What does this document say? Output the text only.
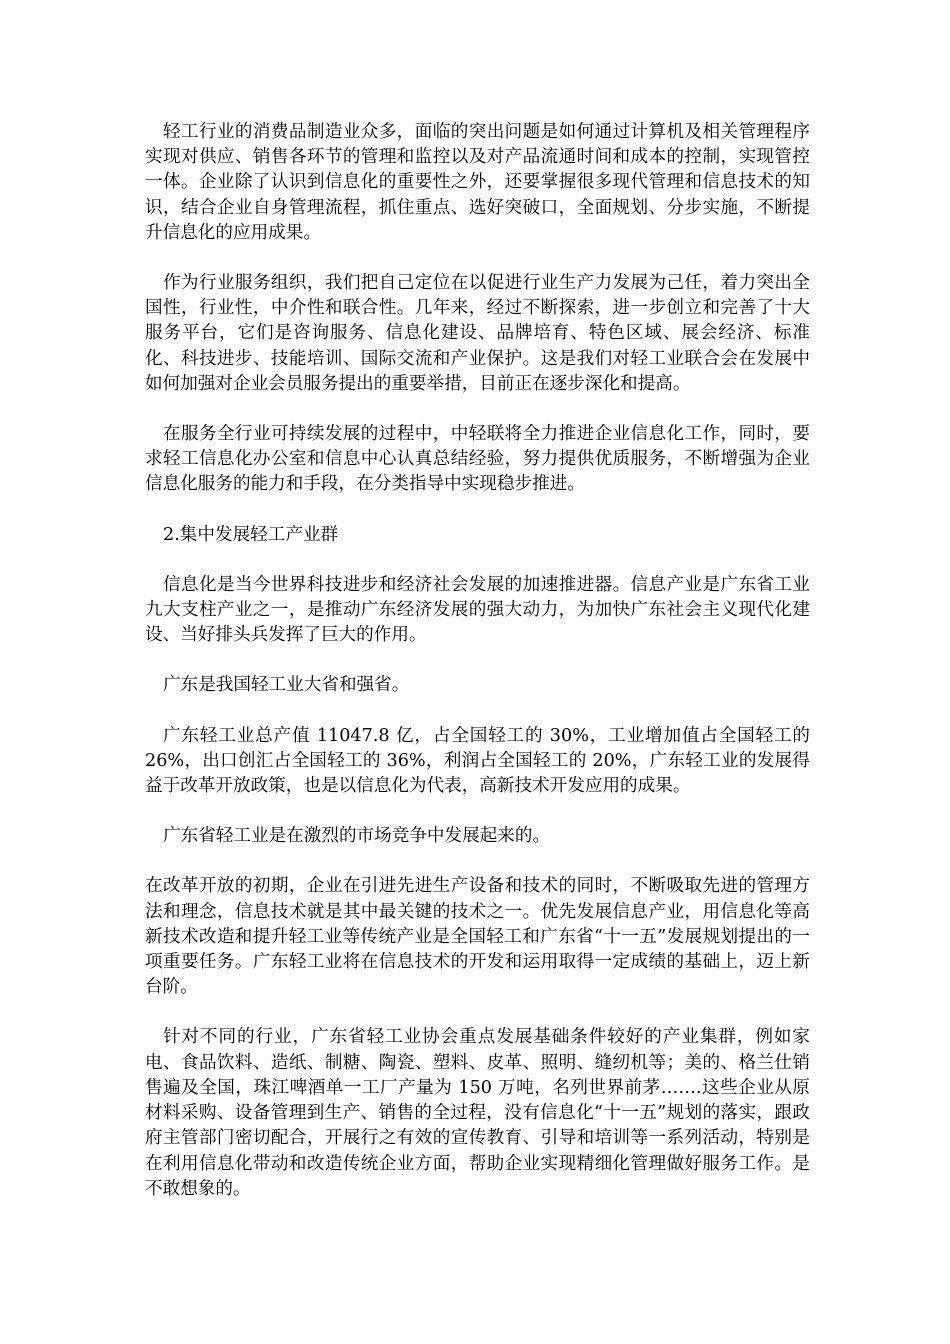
轻工行业的消费品制造业众多，面临的突出问题是如何通过计算机及相关管理程序实现对供应、销售各环节的管理和监控以及对产品流通时间和成本的控制，实现管控一体。企业除了认识到信息化的重要性之外，还要掌握很多现代管理和信息技术的知识，结合企业自身管理流程，抓住重点、选好突破口，全面规划、分步实施，不断提升信息化的应用成果。

作为行业服务组织，我们把自己定位在以促进行业生产力发展为己任，着力突出全国性，行业性，中介性和联合性。几年来，经过不断探索，进一步创立和完善了十大服务平台，它们是咨询服务、信息化建设、品牌培育、特色区域、展会经济、标准化、科技进步、技能培训、国际交流和产业保护。这是我们对轻工业联合会在发展中如何加强对企业会员服务提出的重要举措，目前正在逐步深化和提高。

在服务全行业可持续发展的过程中，中轻联将全力推进企业信息化工作，同时，要求轻工信息化办公室和信息中心认真总结经验，努力提供优质服务，不断增强为企业信息化服务的能力和手段，在分类指导中实现稳步推进。

2.集中发展轻工产业群

信息化是当今世界科技进步和经济社会发展的加速推进器。信息产业是广东省工业九大支柱产业之一，是推动广东经济发展的强大动力，为加快广东社会主义现代化建设、当好排头兵发挥了巨大的作用。

广东是我国轻工业大省和强省。

广东轻工业总产值 11047.8 亿，占全国轻工的 30%，工业增加值占全国轻工的 26%，出口创汇占全国轻工的 36%，利润占全国轻工的 20%，广东轻工业的发展得益于改革开放政策，也是以信息化为代表，高新技术开发应用的成果。

广东省轻工业是在激烈的市场竞争中发展起来的。

在改革开放的初期，企业在引进先进生产设备和技术的同时，不断吸取先进的管理方法和理念，信息技术就是其中最关键的技术之一。优先发展信息产业，用信息化等高新技术改造和提升轻工业等传统产业是全国轻工和广东省“十一五”发展规划提出的一项重要任务。广东轻工业将在信息技术的开发和运用取得一定成绩的基础上，迈上新台阶。

针对不同的行业，广东省轻工业协会重点发展基础条件较好的产业集群，例如家电、食品饮料、造纸、制糖、陶瓷、塑料、皮革、照明、缝纫机等；美的、格兰仕销售遍及全国，珠江啤酒单一工厂产量为 150 万吨，名列世界前茅…….这些企业从原材料采购、设备管理到生产、销售的全过程，没有信息化“十一五”规划的落实，跟政府主管部门密切配合，开展行之有效的宣传教育、引导和培训等一系列活动，特别是在利用信息化带动和改造传统企业方面，帮助企业实现精细化管理做好服务工作。是不敢想象的。
